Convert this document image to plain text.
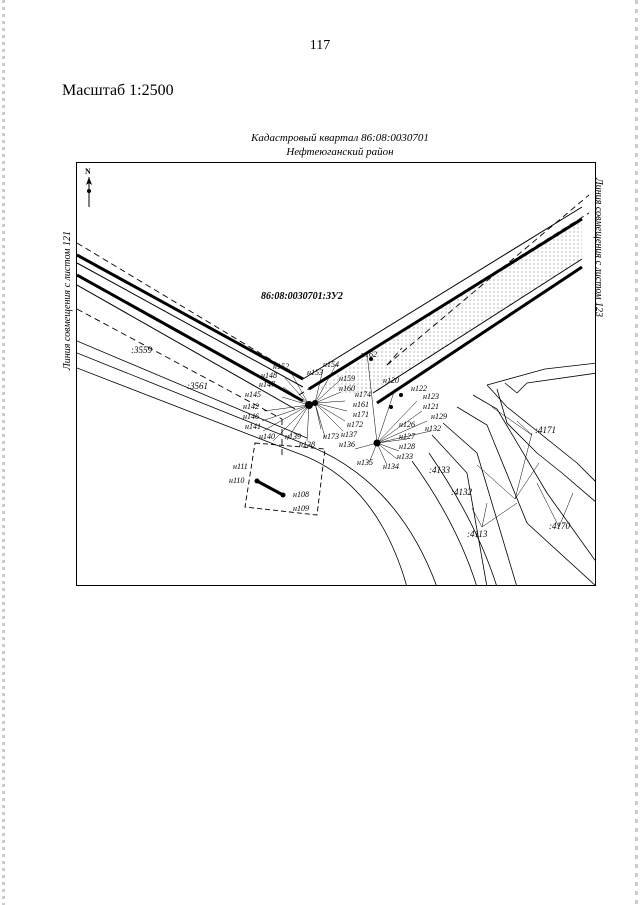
117
Масштаб 1:2500
Кадастровый квартал 86:08:0030701
Нефтеюганский район
Линия совмещения с листом 121	Линия совмещения с листом 123
N
86:08:0030701:ЗУ2
:3559
:3561
:4171
:4133
:4132
:4113
:4170
н152
н148
н147
н145
н142
н146
н141
н140 н139
н138
н153
н154
н159
н160
н174
н161
н171
н172
н173 н137
н136
н135
н162
н120
н122
н123
н121
н129
н132
н126
н127
н128
н133
н134
н111
н110
н108
н109
